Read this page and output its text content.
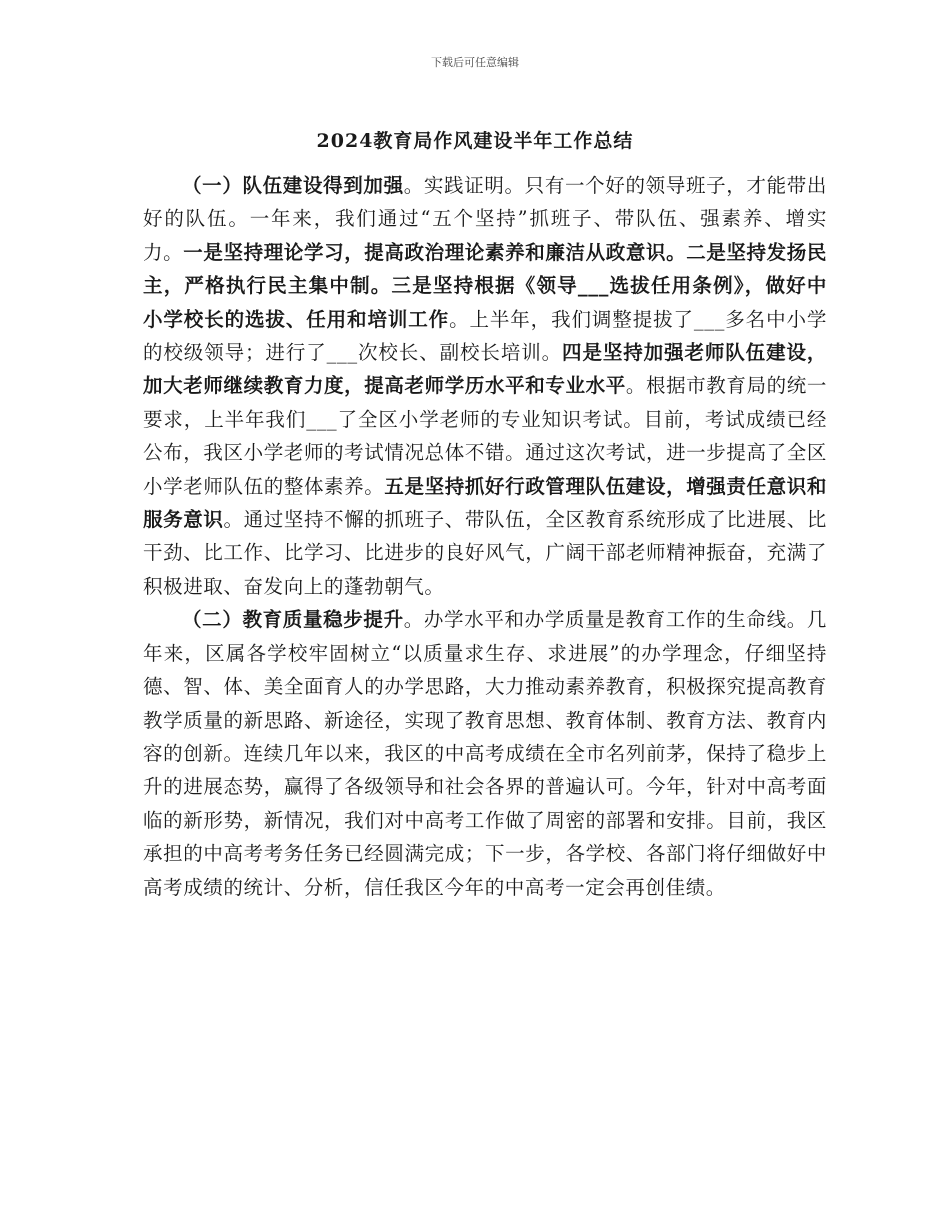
下载后可任意编辑
2024教育局作风建设半年工作总结

（一）队伍建设得到加强。实践证明。只有一个好的领导班子，才能带出好的队伍。一年来，我们通过“五个坚持”抓班子、带队伍、强素养、增实力。一是坚持理论学习，提高政治理论素养和廉洁从政意识。二是坚持发扬民主，严格执行民主集中制。三是坚持根据《领导___选拔任用条例》，做好中小学校长的选拔、任用和培训工作。上半年，我们调整提拔了___多名中小学的校级领导；进行了___次校长、副校长培训。四是坚持加强老师队伍建设，加大老师继续教育力度，提高老师学历水平和专业水平。根据市教育局的统一要求，上半年我们___了全区小学老师的专业知识考试。目前，考试成绩已经公布，我区小学老师的考试情况总体不错。通过这次考试，进一步提高了全区小学老师队伍的整体素养。五是坚持抓好行政管理队伍建设，增强责任意识和服务意识。通过坚持不懈的抓班子、带队伍，全区教育系统形成了比进展、比干劲、比工作、比学习、比进步的良好风气，广阔干部老师精神振奋，充满了积极进取、奋发向上的蓬勃朝气。

（二）教育质量稳步提升。办学水平和办学质量是教育工作的生命线。几年来，区属各学校牢固树立“以质量求生存、求进展”的办学理念，仔细坚持德、智、体、美全面育人的办学思路，大力推动素养教育，积极探究提高教育教学质量的新思路、新途径，实现了教育思想、教育体制、教育方法、教育内容的创新。连续几年以来，我区的中高考成绩在全市名列前茅，保持了稳步上升的进展态势，赢得了各级领导和社会各界的普遍认可。今年，针对中高考面临的新形势，新情况，我们对中高考工作做了周密的部署和安排。目前，我区承担的中高考考务任务已经圆满完成；下一步，各学校、各部门将仔细做好中高考成绩的统计、分析，信任我区今年的中高考一定会再创佳绩。
